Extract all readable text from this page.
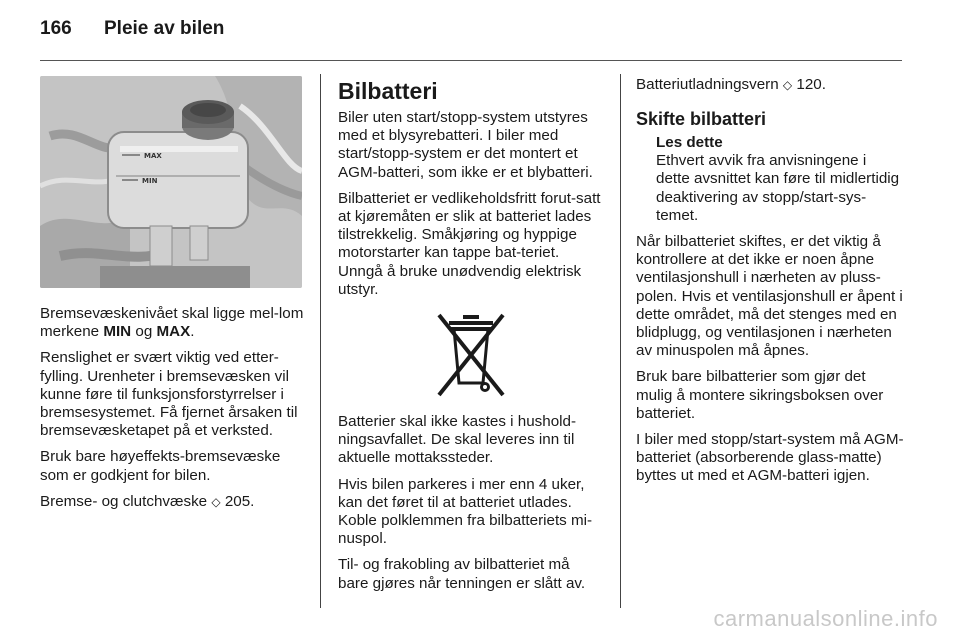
166	Pleie av bilen
MAX
MIN

Bremsevæskenivået skal ligge mel-lom merkene MIN og MAX.

Renslighet er svært viktig ved etter-fylling. Urenheter i bremsevæsken vil kunne føre til funksjonsforstyrrelser i bremsesystemet. Få fjernet årsaken til bremsevæsketapet på et verksted.

Bruk bare høyeffekts-bremsevæske som er godkjent for bilen.

Bremse- og clutchvæske ◇ 205.

Bilbatteri

Biler uten start/stopp-system utstyres med et blysyrebatteri. I biler med start/stopp-system er det montert et AGM-batteri, som ikke er et blybatteri.

Bilbatteriet er vedlikeholdsfritt forut-satt at kjøremåten er slik at batteriet lades tilstrekkelig. Småkjøring og hyppige motorstarter kan tappe bat-teriet. Unngå å bruke unødvendig elektrisk utstyr.

Batterier skal ikke kastes i hushold-ningsavfallet. De skal leveres inn til aktuelle mottakssteder.

Hvis bilen parkeres i mer enn 4 uker, kan det føret til at batteriet utlades. Koble polklemmen fra bilbatteriets mi-nuspol.

Til- og frakobling av bilbatteriet må bare gjøres når tenningen er slått av.

Batteriutladningsvern ◇ 120.

Skifte bilbatteri
Les dette
Ethvert avvik fra anvisningene i dette avsnittet kan føre til midlertidig deaktivering av stopp/start-sys-temet.

Når bilbatteriet skiftes, er det viktig å kontrollere at det ikke er noen åpne ventilasjonshull i nærheten av pluss-polen. Hvis et ventilasjonshull er åpent i dette området, må det stenges med en blidplugg, og ventilasjonen i nærheten av minuspolen må åpnes.

Bruk bare bilbatterier som gjør det mulig å montere sikringsboksen over batteriet.

I biler med stopp/start-system må AGM-batteriet (absorberende glass-matte) byttes ut med et AGM-batteri igjen.

carmanualsonline.info
